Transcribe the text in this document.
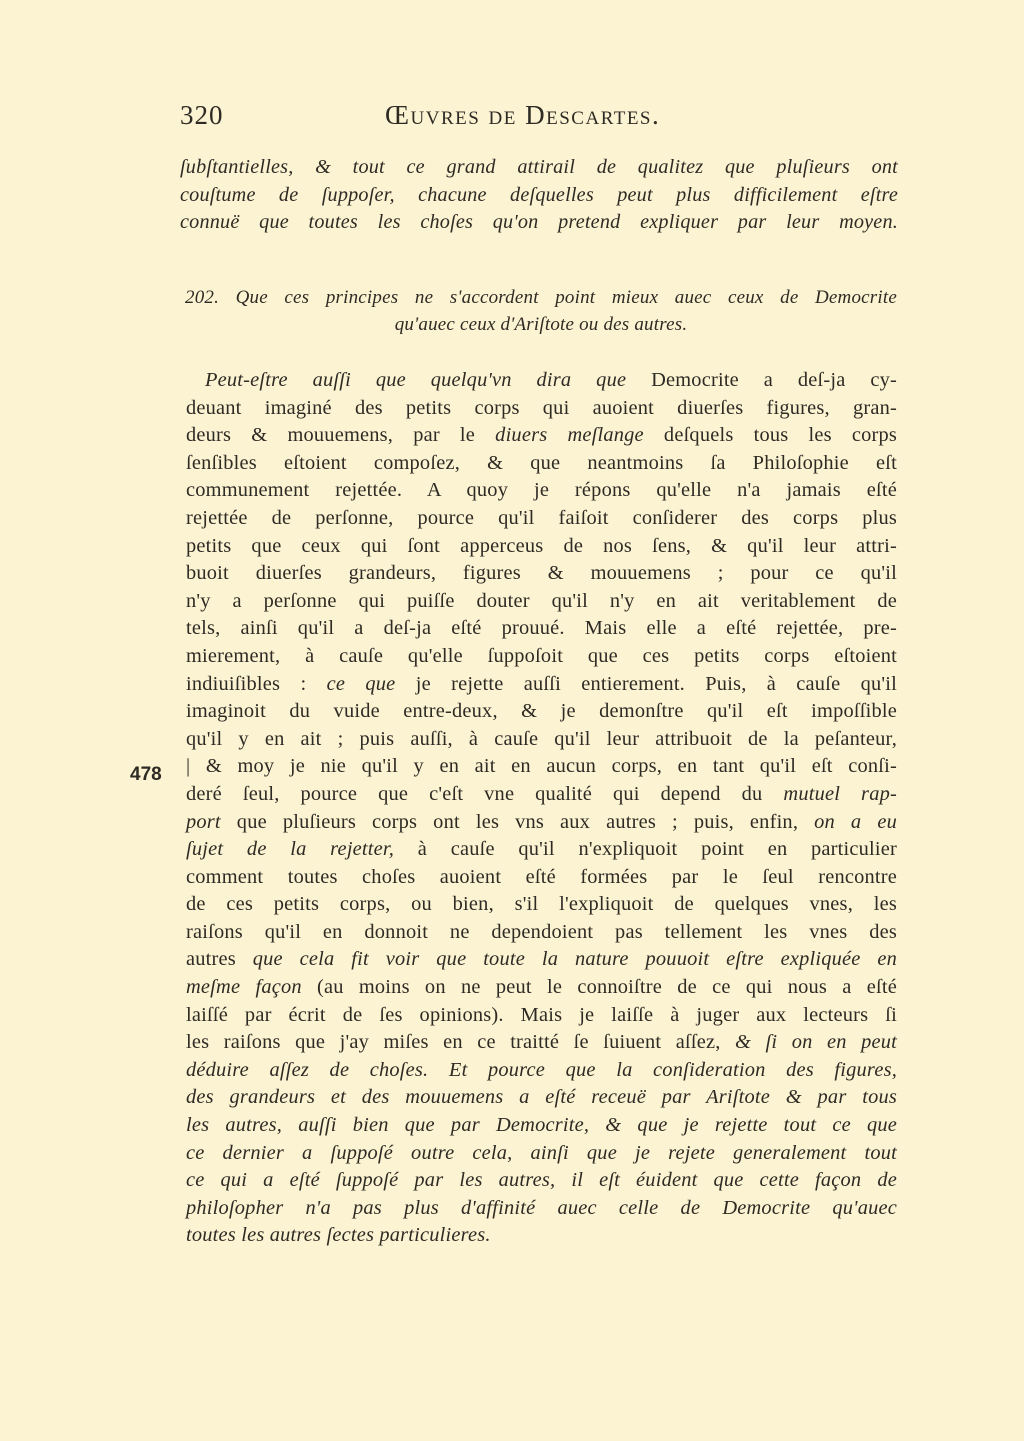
320	Œuvres de Descartes.
ſubſtantielles, & tout ce grand attirail de qualitez que pluſieurs ont
couſtume de ſuppoſer, chacune deſquelles peut plus difficilement eſtre
connuë que toutes les choſes qu'on pretend expliquer par leur moyen.
202. Que ces principes ne s'accordent point mieux auec ceux de Democrite
qu'auec ceux d'Ariſtote ou des autres.
478
Peut-eſtre auſſi que quelqu'vn dira que Democrite a deſ-ja cy-
deuant imaginé des petits corps qui auoient diuerſes figures, gran-
deurs & mouuemens, par le diuers meſlange deſquels tous les corps
ſenſibles eſtoient compoſez, & que neantmoins ſa Philoſophie eſt
communement rejettée. A quoy je répons qu'elle n'a jamais eſté
rejettée de perſonne, pource qu'il faiſoit conſiderer des corps plus
petits que ceux qui ſont apperceus de nos ſens, & qu'il leur attri-
buoit diuerſes grandeurs, figures & mouuemens ; pour ce qu'il
n'y a perſonne qui puiſſe douter qu'il n'y en ait veritablement de
tels, ainſi qu'il a deſ-ja eſté prouué. Mais elle a eſté rejettée, pre-
mierement, à cauſe qu'elle ſuppoſoit que ces petits corps eſtoient
indiuiſibles : ce que je rejette auſſi entierement. Puis, à cauſe qu'il
imaginoit du vuide entre-deux, & je demonſtre qu'il eſt impoſſible
qu'il y en ait ; puis auſſi, à cauſe qu'il leur attribuoit de la peſanteur,
| & moy je nie qu'il y en ait en aucun corps, en tant qu'il eſt conſi-
deré ſeul, pource que c'eſt vne qualité qui depend du mutuel rap-
port que pluſieurs corps ont les vns aux autres ; puis, enfin, on a eu
ſujet de la rejetter, à cauſe qu'il n'expliquoit point en particulier
comment toutes choſes auoient eſté formées par le ſeul rencontre
de ces petits corps, ou bien, s'il l'expliquoit de quelques vnes, les
raiſons qu'il en donnoit ne dependoient pas tellement les vnes des
autres que cela fit voir que toute la nature pouuoit eſtre expliquée en
meſme façon (au moins on ne peut le connoiſtre de ce qui nous a eſté
laiſſé par écrit de ſes opinions). Mais je laiſſe à juger aux lecteurs ſi
les raiſons que j'ay miſes en ce traitté ſe ſuiuent aſſez, & ſi on en peut
déduire aſſez de choſes. Et pource que la conſideration des figures,
des grandeurs et des mouuemens a eſté receuë par Ariſtote & par tous
les autres, auſſi bien que par Democrite, & que je rejette tout ce que
ce dernier a ſuppoſé outre cela, ainſi que je rejete generalement tout
ce qui a eſté ſuppoſé par les autres, il eſt éuident que cette façon de
philoſopher n'a pas plus d'affinité auec celle de Democrite qu'auec
toutes les autres ſectes particulieres.
